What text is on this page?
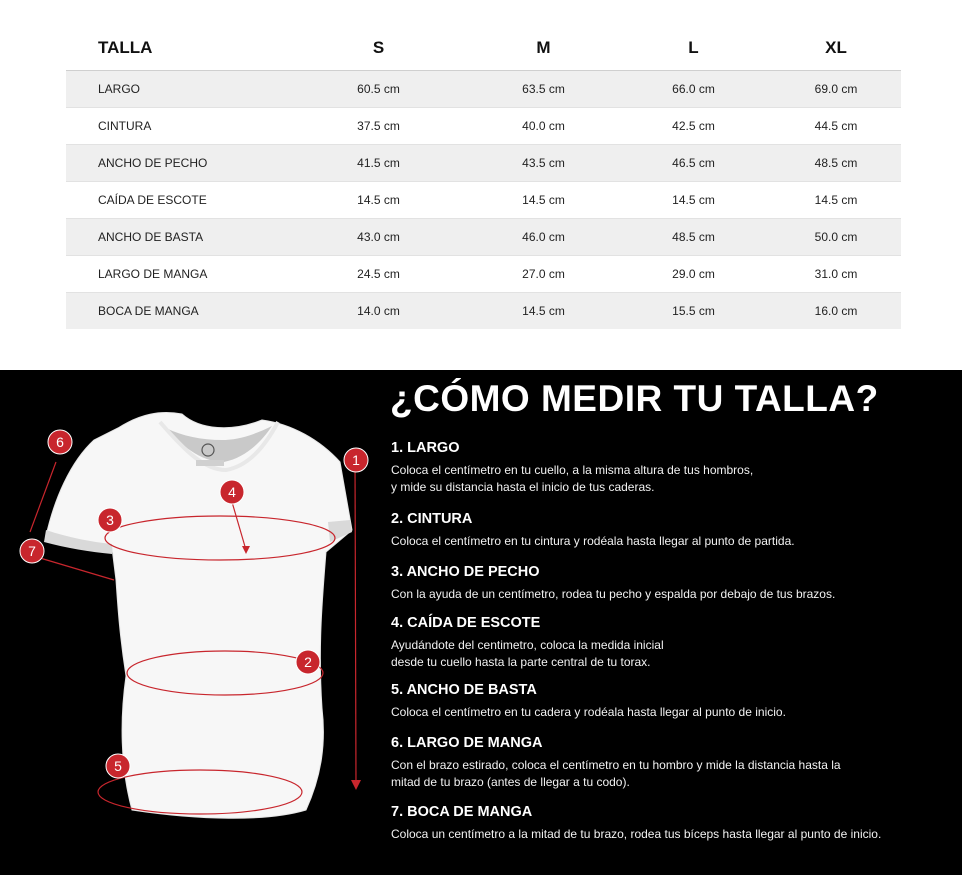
TALLA	S	M	L	XL
LARGO	60.5 cm	63.5 cm	66.0 cm	69.0 cm
CINTURA	37.5 cm	40.0 cm	42.5 cm	44.5 cm
ANCHO DE PECHO	41.5 cm	43.5 cm	46.5 cm	48.5 cm
CAÍDA DE ESCOTE	14.5 cm	14.5 cm	14.5 cm	14.5 cm
ANCHO DE BASTA	43.0 cm	46.0 cm	48.5 cm	50.0 cm
LARGO DE MANGA	24.5 cm	27.0 cm	29.0 cm	31.0 cm
BOCA DE MANGA	14.0 cm	14.5 cm	15.5 cm	16.0 cm
1
2
3
4
5
6
7
¿CÓMO MEDIR TU TALLA?
1. LARGO
Coloca el centímetro en tu cuello, a la misma altura de tus hombros,
y mide su distancia hasta el inicio de tus caderas.
2. CINTURA
Coloca el centímetro en tu cintura y rodéala hasta llegar al punto de partida.
3. ANCHO DE PECHO
Con la ayuda de un centímetro, rodea tu pecho y espalda por debajo de tus brazos.
4. CAÍDA DE ESCOTE
Ayudándote del centimetro, coloca la medida inicial
desde tu cuello hasta la parte central de tu torax.
5. ANCHO DE BASTA
Coloca el centímetro en tu cadera y rodéala hasta llegar al punto de inicio.
6. LARGO DE MANGA
Con el brazo estirado, coloca el centímetro en tu hombro y mide la distancia hasta la
mitad de tu brazo (antes de llegar a tu codo).
7. BOCA DE MANGA
Coloca un centímetro a la mitad de tu brazo, rodea tus bíceps hasta llegar al punto de inicio.
